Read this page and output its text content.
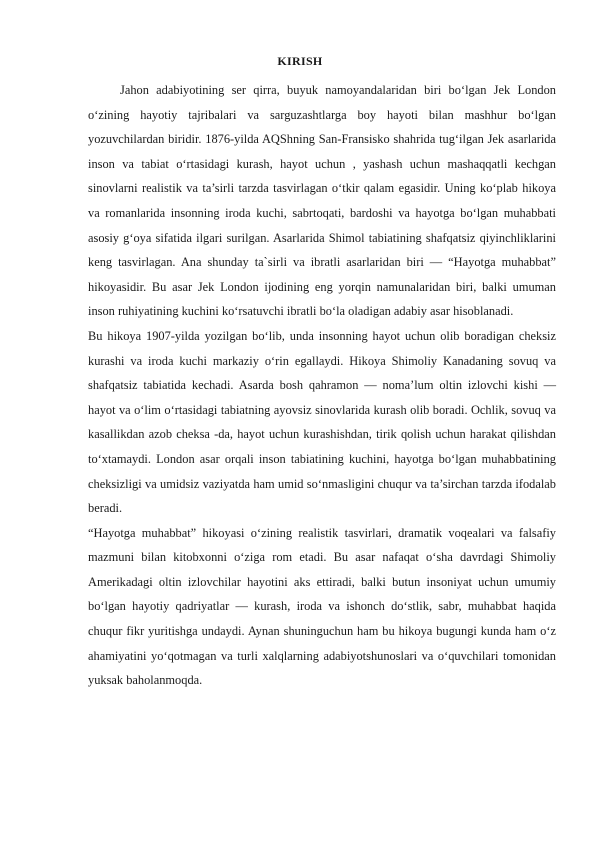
KIRISH

Jahon adabiyotining ser qirra, buyuk namoyandalaridan biri bo‘lgan Jek London o‘zining hayotiy tajribalari va sarguzashtlarga boy hayoti bilan mashhur bo‘lgan yozuvchilardan biridir. 1876-yilda AQShning San-Fransisko shahrida tug‘ilgan Jek asarlarida inson va tabiat o‘rtasidagi kurash, hayot uchun , yashash uchun mashaqqatli kechgan sinovlarni realistik va ta’sirli tarzda tasvirlagan o‘tkir qalam egasidir. Uning ko‘plab hikoya va romanlarida insonning iroda kuchi, sabrtoqati, bardoshi va hayotga bo‘lgan muhabbati asosiy g‘oya sifatida ilgari surilgan. Asarlarida Shimol tabiatining shafqatsiz qiyinchliklarini keng tasvirlagan. Ana shunday ta`sirli va ibratli asarlaridan biri — “Hayotga muhabbat” hikoyasidir. Bu asar Jek London ijodining eng yorqin namunalaridan biri, balki umuman inson ruhiyatining kuchini ko‘rsatuvchi ibratli bo‘la oladigan adabiy asar hisoblanadi.

Bu hikoya 1907-yilda yozilgan bo‘lib, unda insonning hayot uchun olib boradigan cheksiz kurashi va iroda kuchi markaziy o‘rin egallaydi. Hikoya Shimoliy Kanadaning sovuq va shafqatsiz tabiatida kechadi. Asarda bosh qahramon — noma’lum oltin izlovchi kishi — hayot va o‘lim o‘rtasidagi tabiatning ayovsiz sinovlarida kurash olib boradi. Ochlik, sovuq va kasallikdan azob cheksa -da, hayot uchun kurashishdan, tirik qolish uchun harakat qilishdan to‘xtamaydi. London asar orqali inson tabiatining kuchini, hayotga bo‘lgan muhabbatining cheksizligi va umidsiz vaziyatda ham umid so‘nmasligini chuqur va ta’sirchan tarzda ifodalab beradi.

“Hayotga muhabbat” hikoyasi o‘zining realistik tasvirlari, dramatik voqealari va falsafiy mazmuni bilan kitobxonni o‘ziga rom etadi. Bu asar nafaqat o‘sha davrdagi Shimoliy Amerikadagi oltin izlovchilar hayotini aks ettiradi, balki butun insoniyat uchun umumiy bo‘lgan hayotiy qadriyatlar — kurash, iroda va ishonch do‘stlik, sabr, muhabbat haqida chuqur fikr yuritishga undaydi. Aynan shuninguchun ham bu hikoya bugungi kunda ham o‘z ahamiyatini yo‘qotmagan va turli xalqlarning adabiyotshunoslari va o‘quvchilari tomonidan yuksak baholanmoqda.
